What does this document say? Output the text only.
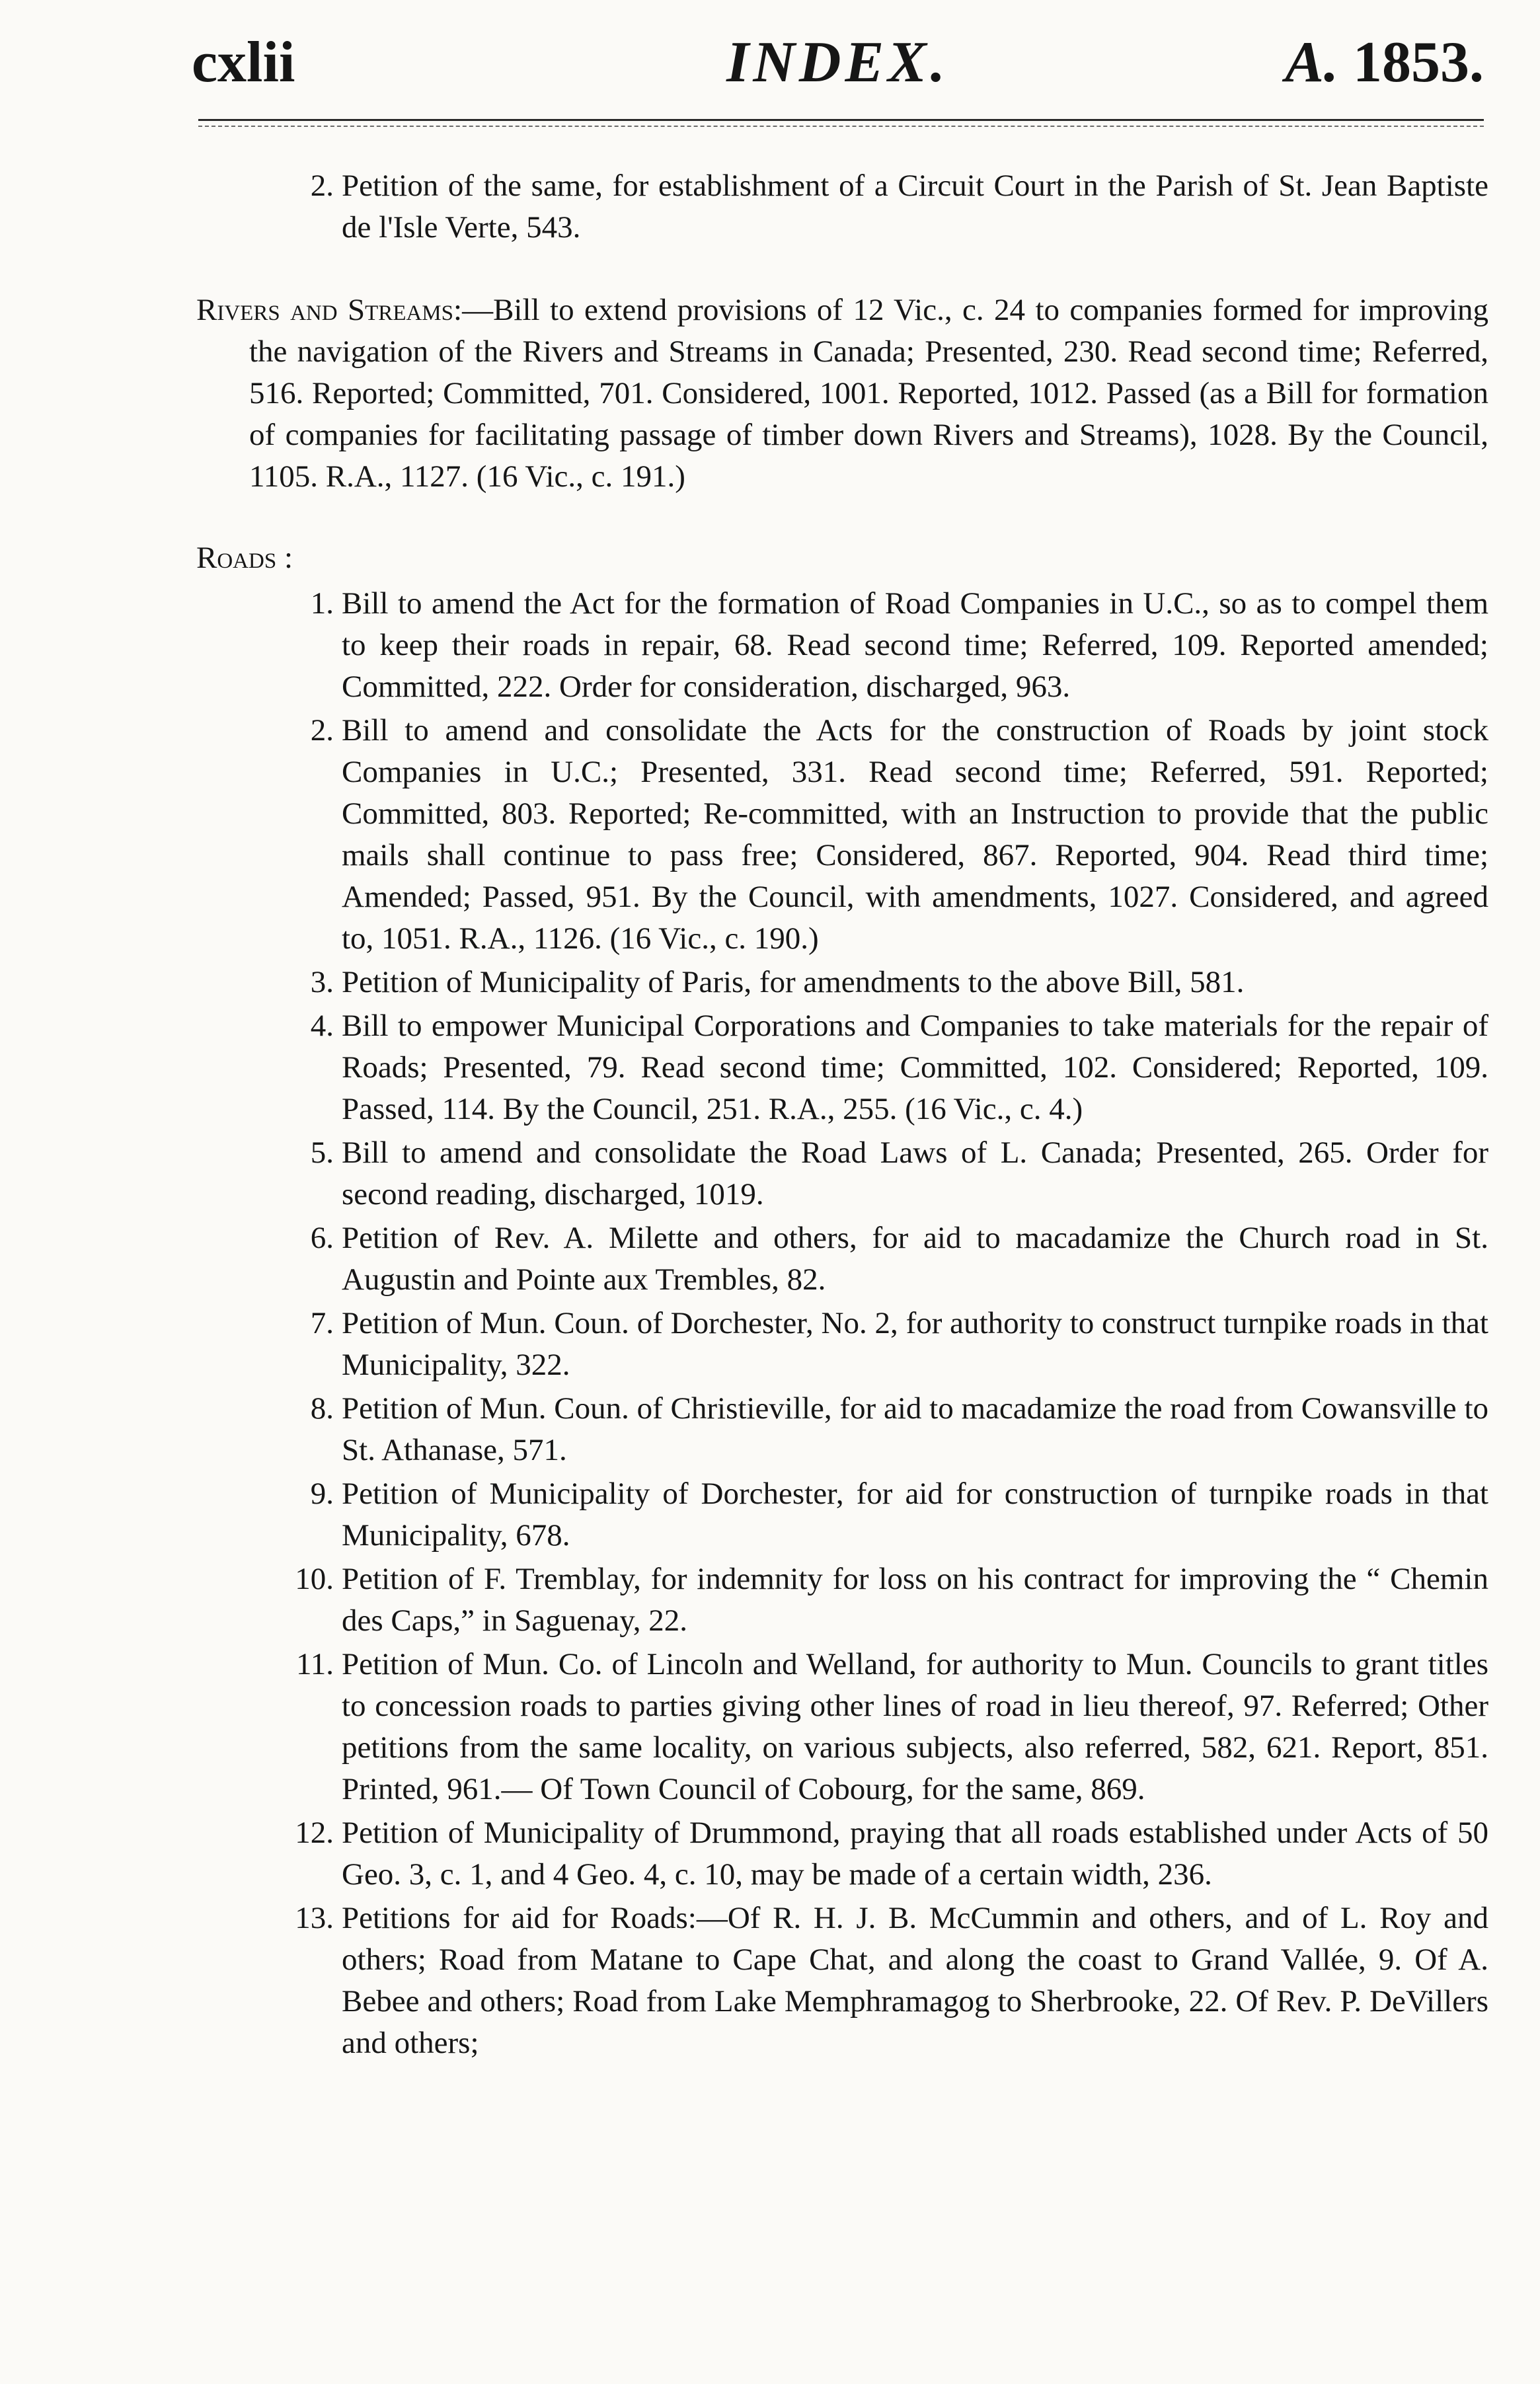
cxlii	INDEX.	A. 1853.
2. Petition of the same, for establishment of a Circuit Court in the Parish of St. Jean Baptiste de l'Isle Verte, 543.
Rivers and Streams:—Bill to extend provisions of 12 Vic., c. 24 to companies formed for improving the navigation of the Rivers and Streams in Canada; Presented, 230. Read second time; Referred, 516. Reported; Committed, 701. Considered, 1001. Reported, 1012. Passed (as a Bill for formation of companies for facilitating passage of timber down Rivers and Streams), 1028. By the Council, 1105. R.A., 1127. (16 Vic., c. 191.)
Roads :
1. Bill to amend the Act for the formation of Road Companies in U.C., so as to compel them to keep their roads in repair, 68. Read second time; Referred, 109. Reported amended; Committed, 222. Order for consideration, discharged, 963.
2. Bill to amend and consolidate the Acts for the construction of Roads by joint stock Companies in U.C.; Presented, 331. Read second time; Referred, 591. Reported; Committed, 803. Reported; Re-committed, with an Instruction to provide that the public mails shall continue to pass free; Considered, 867. Reported, 904. Read third time; Amended; Passed, 951. By the Council, with amendments, 1027. Considered, and agreed to, 1051. R.A., 1126. (16 Vic., c. 190.)
3. Petition of Municipality of Paris, for amendments to the above Bill, 581.
4. Bill to empower Municipal Corporations and Companies to take materials for the repair of Roads; Presented, 79. Read second time; Committed, 102. Considered; Reported, 109. Passed, 114. By the Council, 251. R.A., 255. (16 Vic., c. 4.)
5. Bill to amend and consolidate the Road Laws of L. Canada; Presented, 265. Order for second reading, discharged, 1019.
6. Petition of Rev. A. Milette and others, for aid to macadamize the Church road in St. Augustin and Pointe aux Trembles, 82.
7. Petition of Mun. Coun. of Dorchester, No. 2, for authority to construct turnpike roads in that Municipality, 322.
8. Petition of Mun. Coun. of Christieville, for aid to macadamize the road from Cowansville to St. Athanase, 571.
9. Petition of Municipality of Dorchester, for aid for construction of turnpike roads in that Municipality, 678.
10. Petition of F. Tremblay, for indemnity for loss on his contract for improving the “ Chemin des Caps,” in Saguenay, 22.
11. Petition of Mun. Co. of Lincoln and Welland, for authority to Mun. Councils to grant titles to concession roads to parties giving other lines of road in lieu thereof, 97. Referred; Other petitions from the same locality, on various subjects, also referred, 582, 621. Report, 851. Printed, 961.— Of Town Council of Cobourg, for the same, 869.
12. Petition of Municipality of Drummond, praying that all roads established under Acts of 50 Geo. 3, c. 1, and 4 Geo. 4, c. 10, may be made of a certain width, 236.
13. Petitions for aid for Roads:—Of R. H. J. B. McCummin and others, and of L. Roy and others; Road from Matane to Cape Chat, and along the coast to Grand Vallée, 9. Of A. Bebee and others; Road from Lake Memphramagog to Sherbrooke, 22. Of Rev. P. DeVillers and others;
